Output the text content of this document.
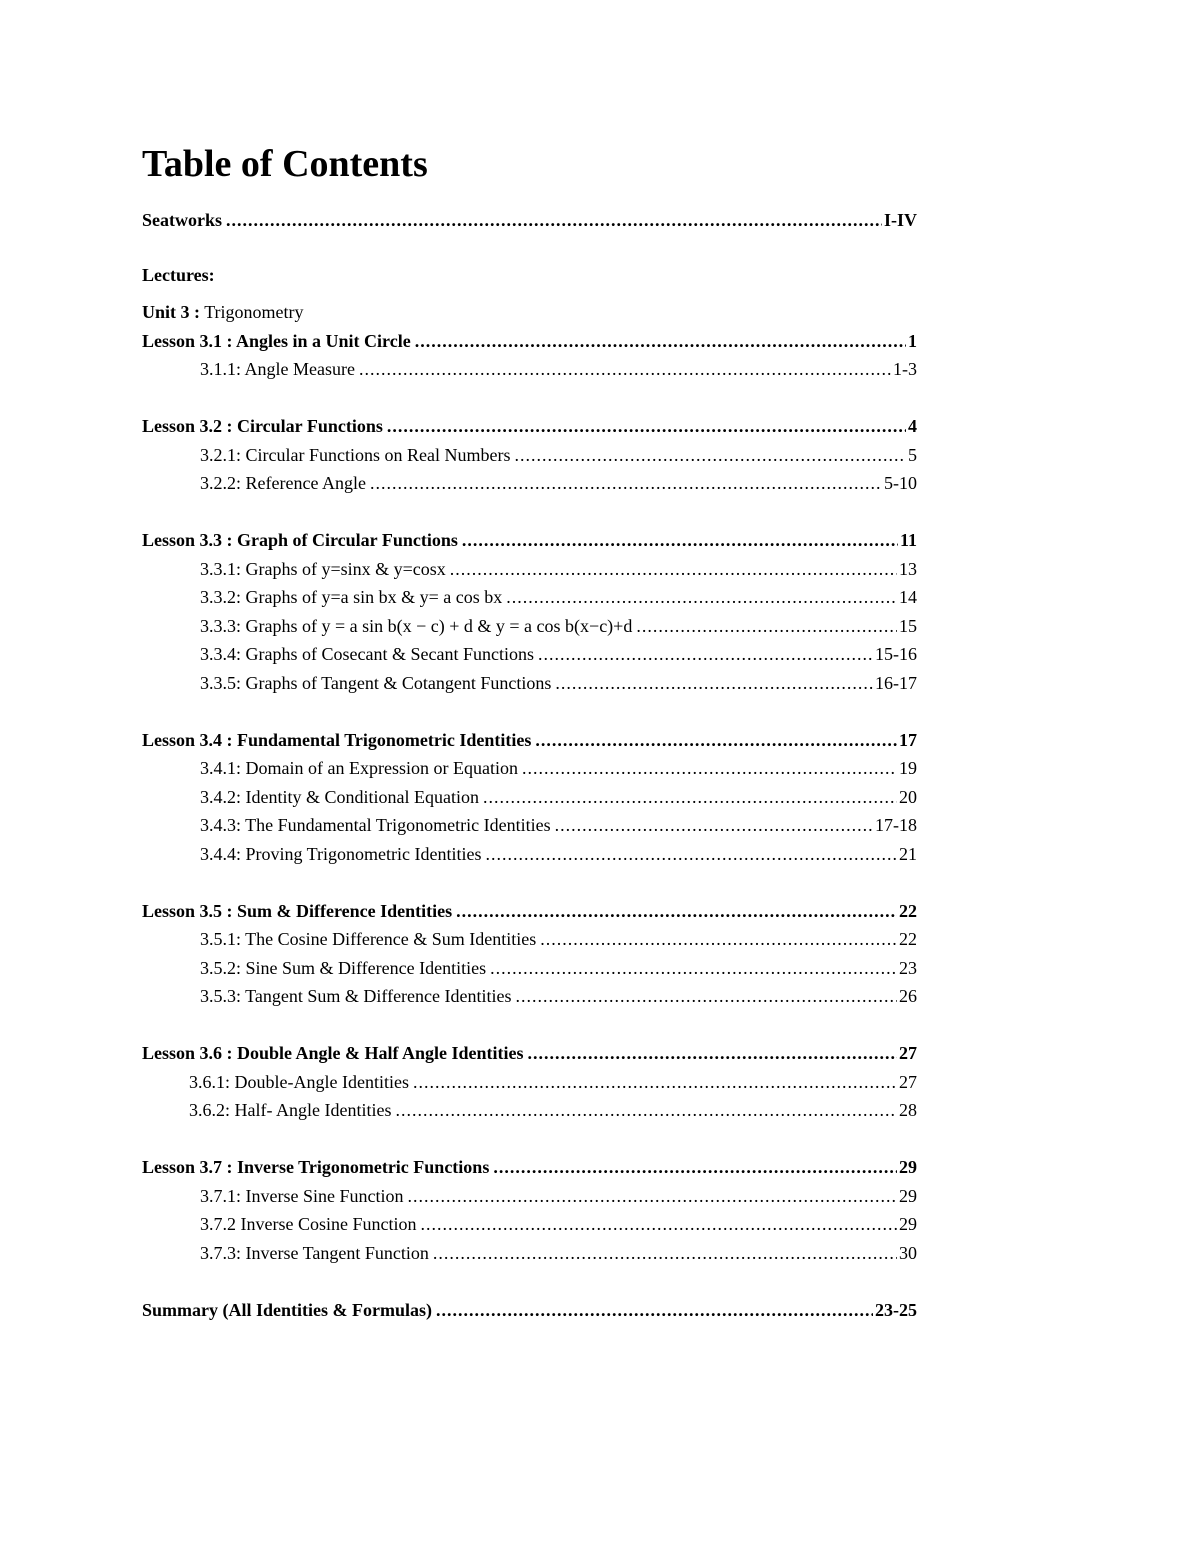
Table of Contents
Seatworks .....	I-IV
Lectures:
Unit 3 : Trigonometry
Lesson 3.1 : Angles in a Unit Circle .....	1
3.1.1: Angle Measure .....	1-3
Lesson 3.2 : Circular Functions .....	4
3.2.1: Circular Functions on Real Numbers .....	5
3.2.2: Reference Angle .....	5-10
Lesson 3.3 : Graph of Circular Functions .....	11
3.3.1: Graphs of y=sinx & y=cosx .....	13
3.3.2: Graphs of y=a sin bx & y= a cos bx .....	14
3.3.3: Graphs of y = a sin b(x − c) + d & y = a cos b(x−c)+d .....	15
3.3.4: Graphs of Cosecant & Secant Functions .....	15-16
3.3.5: Graphs of Tangent & Cotangent Functions .....	16-17
Lesson 3.4 : Fundamental Trigonometric Identities .....	17
3.4.1: Domain of an Expression or Equation .....	19
3.4.2: Identity & Conditional Equation .....	20
3.4.3: The Fundamental Trigonometric Identities .....	17-18
3.4.4: Proving Trigonometric Identities .....	21
Lesson 3.5 : Sum & Difference Identities .....	22
3.5.1: The Cosine Difference & Sum Identities .....	22
3.5.2: Sine Sum & Difference Identities .....	23
3.5.3: Tangent Sum & Difference Identities .....	26
Lesson 3.6 : Double Angle & Half Angle Identities .....	27
3.6.1: Double-Angle Identities .....	27
3.6.2: Half- Angle Identities .....	28
Lesson 3.7 : Inverse Trigonometric Functions .....	29
3.7.1: Inverse Sine Function .....	29
3.7.2 Inverse Cosine Function .....	29
3.7.3: Inverse Tangent Function .....	30
Summary (All Identities & Formulas) .....	23-25
